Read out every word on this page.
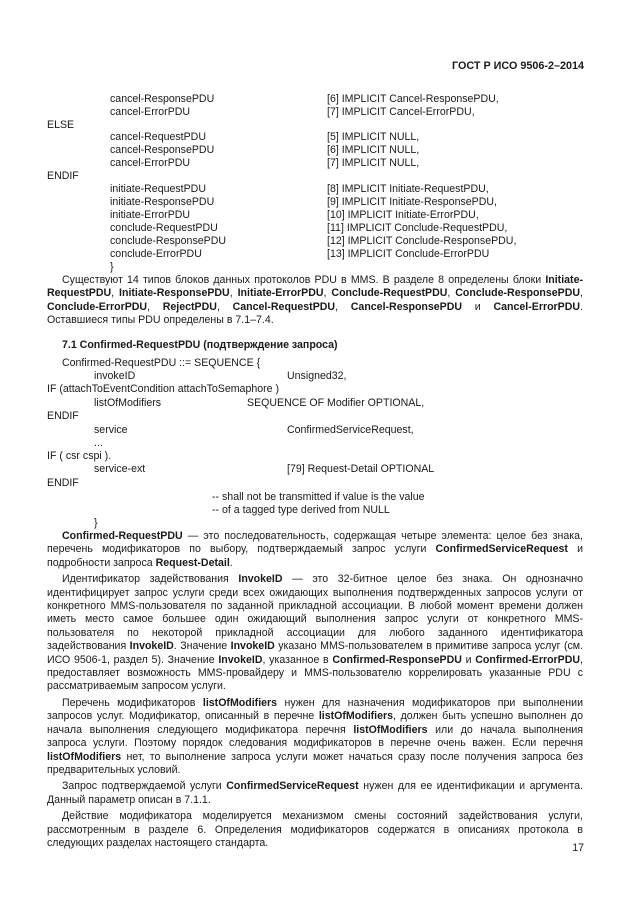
ГОСТ Р ИСО 9506-2–2014
cancel-ResponsePDU	[6] IMPLICIT Cancel-ResponsePDU,
cancel-ErrorPDU	[7] IMPLICIT Cancel-ErrorPDU,
ELSE
cancel-RequestPDU	[5] IMPLICIT NULL,
cancel-ResponsePDU	[6] IMPLICIT NULL,
cancel-ErrorPDU	[7] IMPLICIT NULL,
ENDIF
initiate-RequestPDU	[8] IMPLICIT Initiate-RequestPDU,
initiate-ResponsePDU	[9] IMPLICIT Initiate-ResponsePDU,
initiate-ErrorPDU	[10] IMPLICIT Initiate-ErrorPDU,
conclude-RequestPDU	[11] IMPLICIT Conclude-RequestPDU,
conclude-ResponsePDU	[12] IMPLICIT Conclude-ResponsePDU,
conclude-ErrorPDU	[13] IMPLICIT Conclude-ErrorPDU
}

Существуют 14 типов блоков данных протоколов PDU в MMS. В разделе 8 определены блоки Initiate-RequestPDU, Initiate-ResponsePDU, Initiate-ErrorPDU, Conclude-RequestPDU, Conclude-ResponsePDU, Conclude-ErrorPDU, RejectPDU, Cancel-RequestPDU, Cancel-ResponsePDU и Cancel-ErrorPDU. Оставшиеся типы PDU определены в 7.1–7.4.

7.1 Confirmed-RequestPDU (подтверждение запроса)
Confirmed-RequestPDU ::= SEQUENCE {
invokeID	Unsigned32,
IF (attachToEventCondition attachToSemaphore )
listOfModifiers	SEQUENCE OF Modifier OPTIONAL,
ENDIF
service	ConfirmedServiceRequest,
...
IF ( csr cspi ).
service-ext	[79] Request-Detail OPTIONAL
ENDIF
-- shall not be transmitted if value is the value
-- of a tagged type derived from NULL
}

Confirmed-RequestPDU — это последовательность, содержащая четыре элемента: целое без знака, перечень модификаторов по выбору, подтверждаемый запрос услуги ConfirmedServiceRequest и подробности запроса Request-Detail.

Идентификатор задействования InvokeID — это 32-битное целое без знака. Он однозначно идентифицирует запрос услуги среди всех ожидающих выполнения подтвержденных запросов услуги от конкретного MMS-пользователя по заданной прикладной ассоциации. В любой момент времени должен иметь место самое большее один ожидающий выполнения запрос услуги от конкретного MMS-пользователя по некоторой прикладной ассоциации для любого заданного идентификатора задействования InvokeID. Значение InvokeID указано MMS-пользователем в примитиве запроса услуг (см. ИСО 9506-1, раздел 5). Значение InvokeID, указанное в Confirmed-ResponsePDU и Confirmed-ErrorPDU, предоставляет возможность MMS-провайдеру и MMS-пользователю коррелировать указанные PDU с рассматриваемым запросом услуги.

Перечень модификаторов listOfModifiers нужен для назначения модификаторов при выполнении запросов услуг. Модификатор, описанный в перечне listOfModifiers, должен быть успешно выполнен до начала выполнения следующего модификатора перечня listOfModifiers или до начала выполнения запроса услуги. Поэтому порядок следования модификаторов в перечне очень важен. Если перечня listOfModifiers нет, то выполнение запроса услуги может начаться сразу после получения запроса без предварительных условий.

Запрос подтверждаемой услуги ConfirmedServiceRequest нужен для ее идентификации и аргумента. Данный параметр описан в 7.1.1.

Действие модификатора моделируется механизмом смены состояний задействования услуги, рассмотренным в разделе 6. Определения модификаторов содержатся в описаниях протокола в следующих разделах настоящего стандарта.	17
